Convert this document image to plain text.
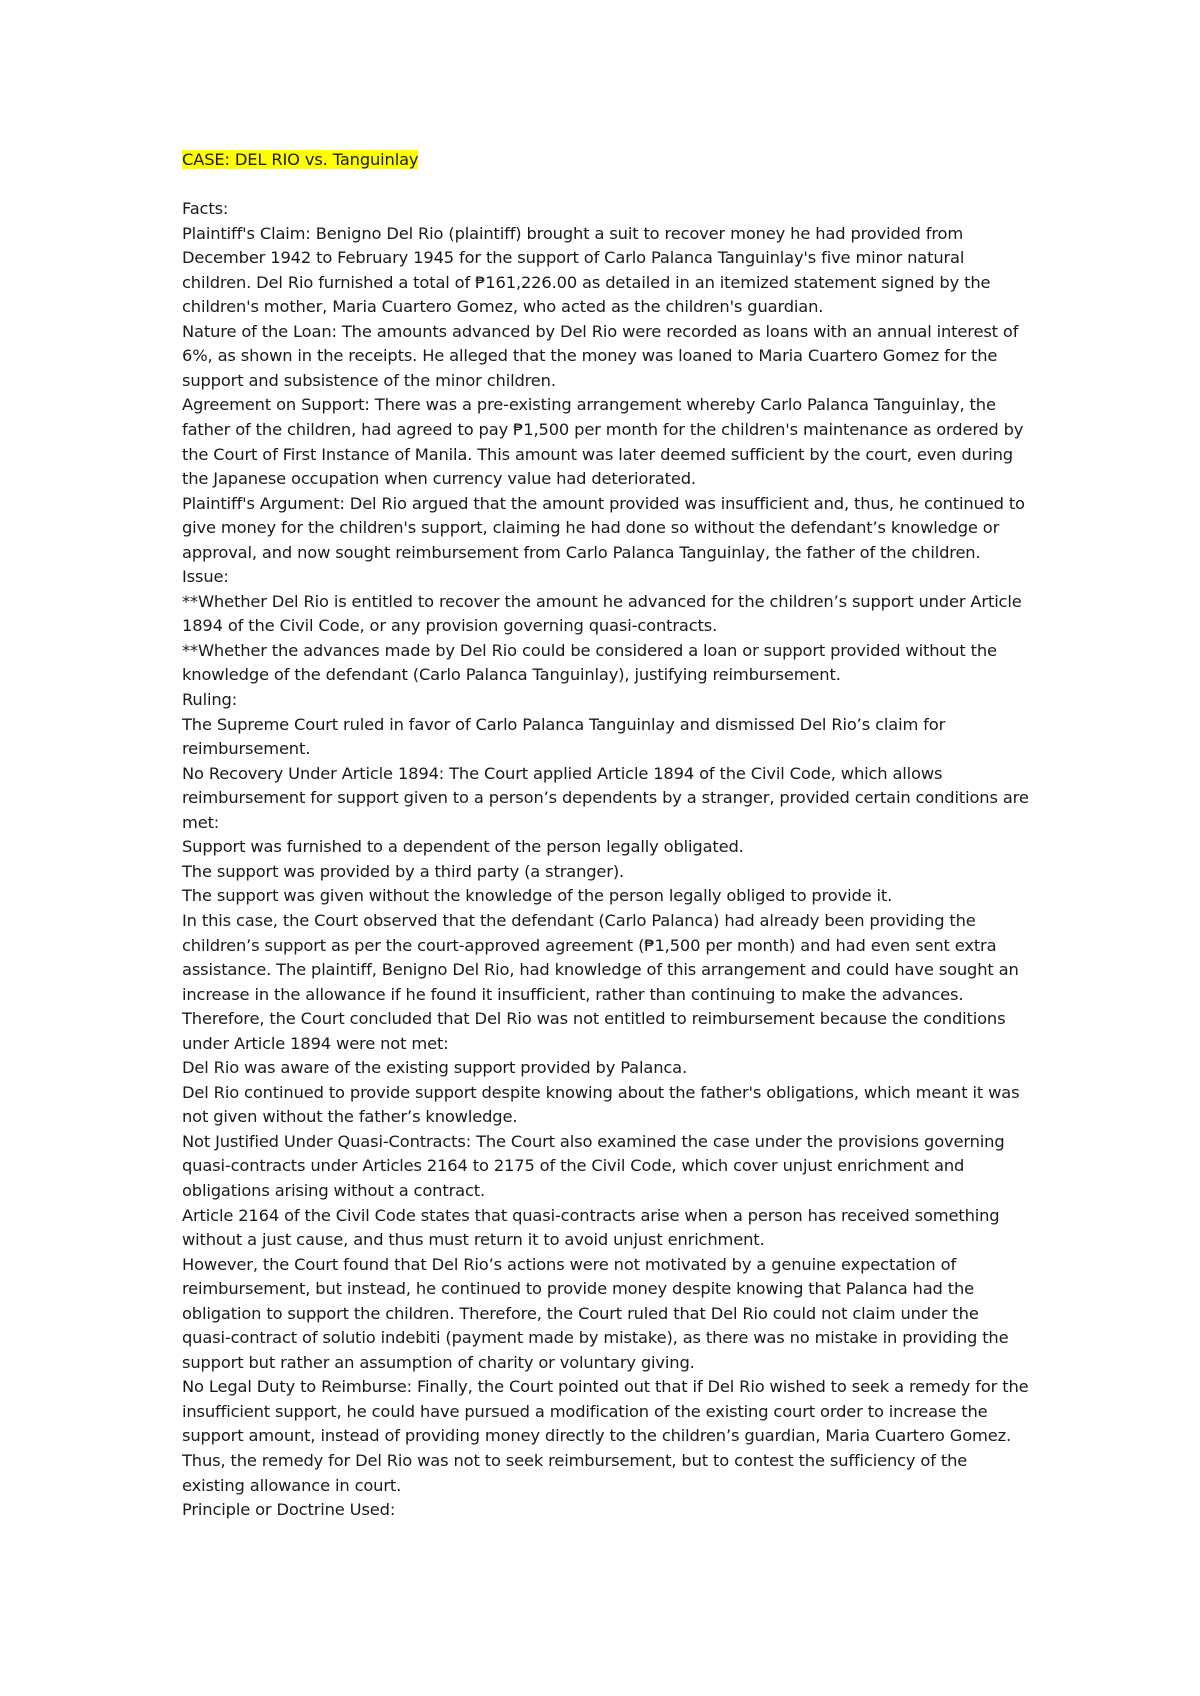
CASE: DEL RIO vs. Tanguinlay

Facts:

Plaintiff's Claim: Benigno Del Rio (plaintiff) brought a suit to recover money he had provided from December 1942 to February 1945 for the support of Carlo Palanca Tanguinlay's five minor natural children. Del Rio furnished a total of ₱161,226.00 as detailed in an itemized statement signed by the children's mother, Maria Cuartero Gomez, who acted as the children's guardian.

Nature of the Loan: The amounts advanced by Del Rio were recorded as loans with an annual interest of 6%, as shown in the receipts. He alleged that the money was loaned to Maria Cuartero Gomez for the support and subsistence of the minor children.

Agreement on Support: There was a pre-existing arrangement whereby Carlo Palanca Tanguinlay, the father of the children, had agreed to pay ₱1,500 per month for the children's maintenance as ordered by the Court of First Instance of Manila. This amount was later deemed sufficient by the court, even during the Japanese occupation when currency value had deteriorated.

Plaintiff's Argument: Del Rio argued that the amount provided was insufficient and, thus, he continued to give money for the children's support, claiming he had done so without the defendant’s knowledge or approval, and now sought reimbursement from Carlo Palanca Tanguinlay, the father of the children.

Issue:

**Whether Del Rio is entitled to recover the amount he advanced for the children’s support under Article 1894 of the Civil Code, or any provision governing quasi-contracts.

**Whether the advances made by Del Rio could be considered a loan or support provided without the knowledge of the defendant (Carlo Palanca Tanguinlay), justifying reimbursement.

Ruling:

The Supreme Court ruled in favor of Carlo Palanca Tanguinlay and dismissed Del Rio’s claim for reimbursement.

No Recovery Under Article 1894: The Court applied Article 1894 of the Civil Code, which allows reimbursement for support given to a person’s dependents by a stranger, provided certain conditions are met:

Support was furnished to a dependent of the person legally obligated.

The support was provided by a third party (a stranger).

The support was given without the knowledge of the person legally obliged to provide it.

In this case, the Court observed that the defendant (Carlo Palanca) had already been providing the children’s support as per the court-approved agreement (₱1,500 per month) and had even sent extra assistance. The plaintiff, Benigno Del Rio, had knowledge of this arrangement and could have sought an increase in the allowance if he found it insufficient, rather than continuing to make the advances.

Therefore, the Court concluded that Del Rio was not entitled to reimbursement because the conditions under Article 1894 were not met:

Del Rio was aware of the existing support provided by Palanca.

Del Rio continued to provide support despite knowing about the father's obligations, which meant it was not given without the father’s knowledge.

Not Justified Under Quasi-Contracts: The Court also examined the case under the provisions governing quasi-contracts under Articles 2164 to 2175 of the Civil Code, which cover unjust enrichment and obligations arising without a contract.

Article 2164 of the Civil Code states that quasi-contracts arise when a person has received something without a just cause, and thus must return it to avoid unjust enrichment.

However, the Court found that Del Rio’s actions were not motivated by a genuine expectation of reimbursement, but instead, he continued to provide money despite knowing that Palanca had the obligation to support the children. Therefore, the Court ruled that Del Rio could not claim under the quasi-contract of solutio indebiti (payment made by mistake), as there was no mistake in providing the support but rather an assumption of charity or voluntary giving.

No Legal Duty to Reimburse: Finally, the Court pointed out that if Del Rio wished to seek a remedy for the insufficient support, he could have pursued a modification of the existing court order to increase the support amount, instead of providing money directly to the children’s guardian, Maria Cuartero Gomez. Thus, the remedy for Del Rio was not to seek reimbursement, but to contest the sufficiency of the existing allowance in court.

Principle or Doctrine Used:
